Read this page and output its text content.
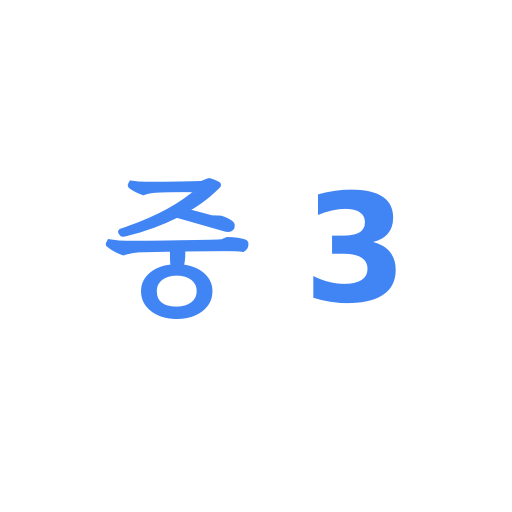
중 3
